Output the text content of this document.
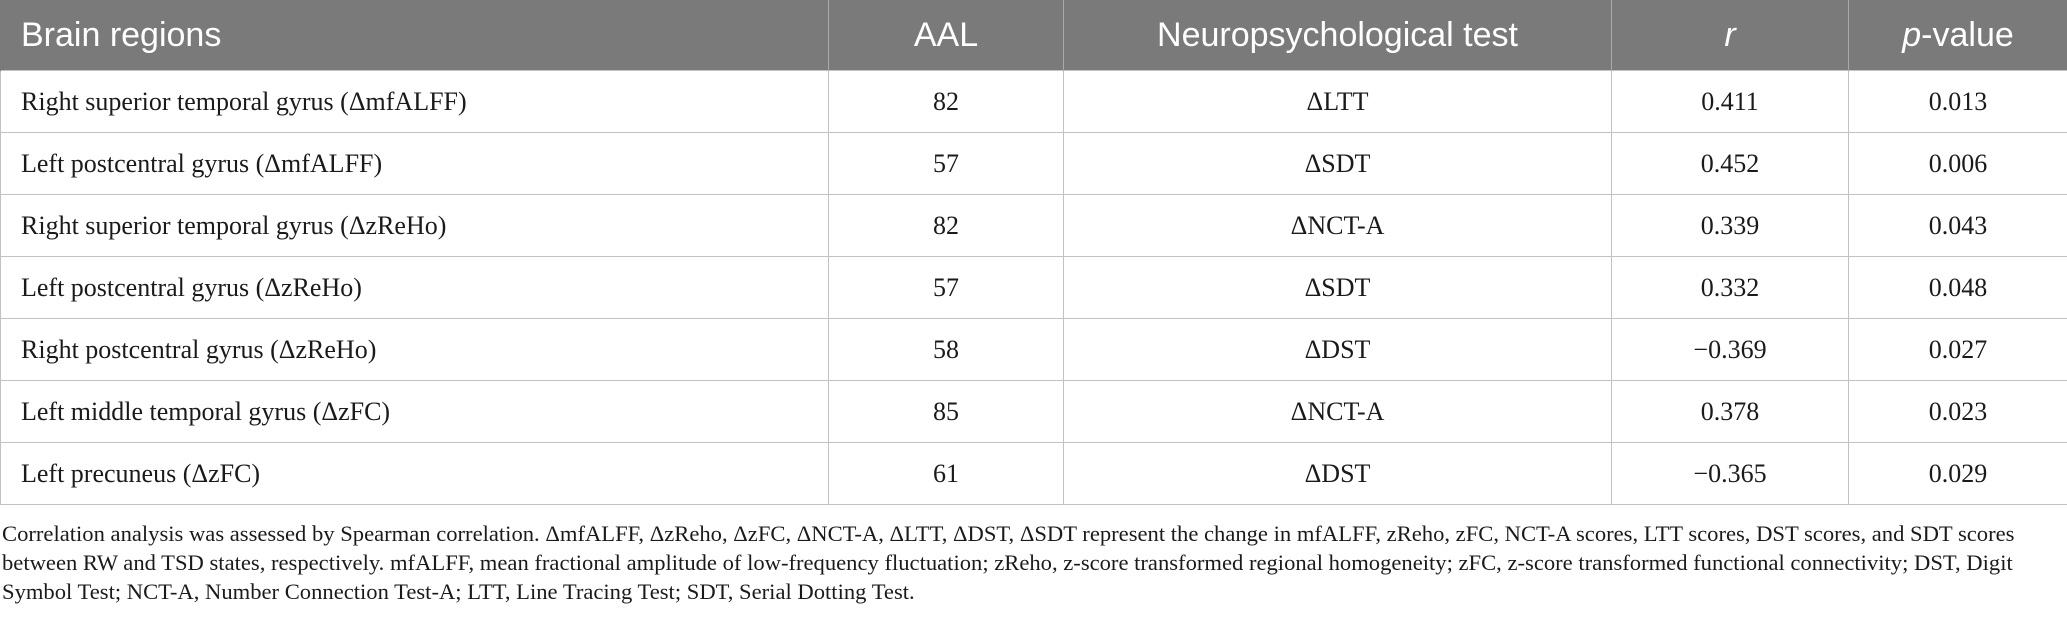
Brain regions	AAL	Neuropsychological test	r	p-value
Right superior temporal gyrus (ΔmfALFF)	82	ΔLTT	0.411	0.013
Left postcentral gyrus (ΔmfALFF)	57	ΔSDT	0.452	0.006
Right superior temporal gyrus (ΔzReHo)	82	ΔNCT-A	0.339	0.043
Left postcentral gyrus (ΔzReHo)	57	ΔSDT	0.332	0.048
Right postcentral gyrus (ΔzReHo)	58	ΔDST	−0.369	0.027
Left middle temporal gyrus (ΔzFC)	85	ΔNCT-A	0.378	0.023
Left precuneus (ΔzFC)	61	ΔDST	−0.365	0.029

Correlation analysis was assessed by Spearman correlation. ΔmfALFF, ΔzReho, ΔzFC, ΔNCT-A, ΔLTT, ΔDST, ΔSDT represent the change in mfALFF, zReho, zFC, NCT-A scores, LTT scores, DST scores, and SDT scores between RW and TSD states, respectively. mfALFF, mean fractional amplitude of low-frequency fluctuation; zReho, z-score transformed regional homogeneity; zFC, z-score transformed functional connectivity; DST, Digit Symbol Test; NCT-A, Number Connection Test-A; LTT, Line Tracing Test; SDT, Serial Dotting Test.
